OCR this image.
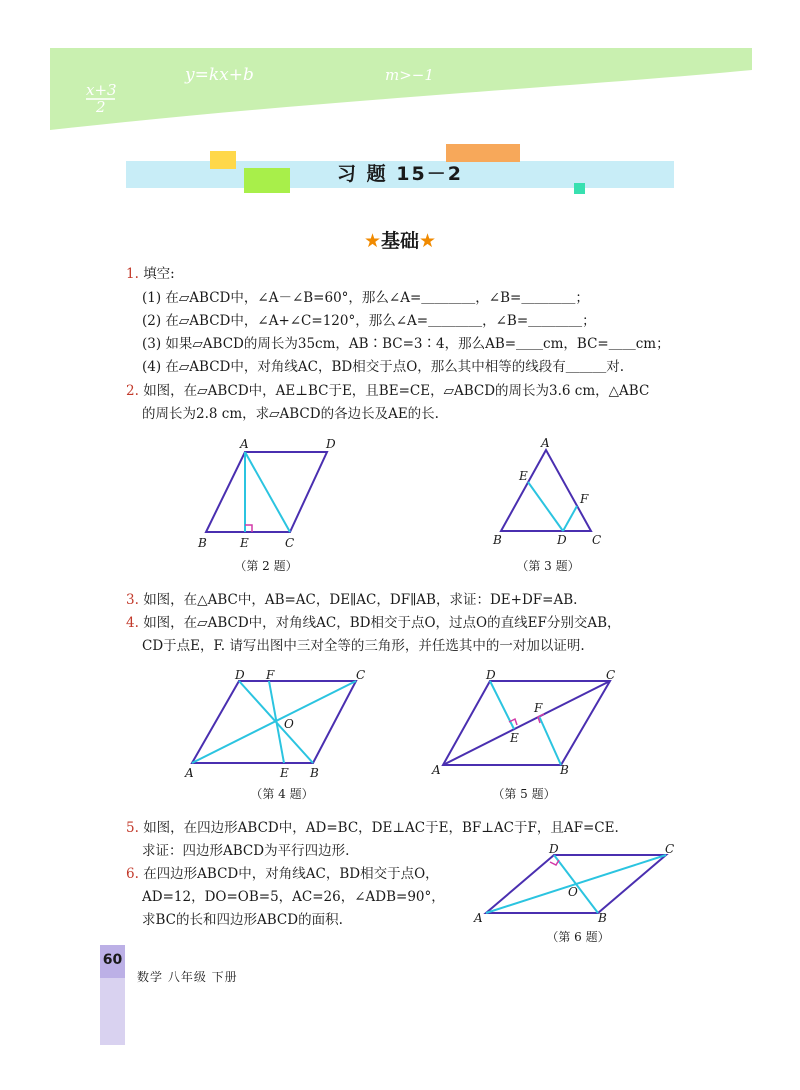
x+3
2
y=kx+b	m>−1
习 题 15－2
★基础★
1. 填空:
(1) 在▱ABCD中，∠A－∠B=60°，那么∠A=＿＿＿＿，∠B=＿＿＿＿；
(2) 在▱ABCD中，∠A+∠C=120°，那么∠A=＿＿＿＿，∠B=＿＿＿＿；
(3) 如果▱ABCD的周长为35cm，AB∶BC=3∶4，那么AB=＿＿cm，BC=＿＿cm；
(4) 在▱ABCD中，对角线AC，BD相交于点O，那么其中相等的线段有＿＿＿对.
2. 如图，在▱ABCD中，AE⊥BC于E，且BE=CE，▱ABCD的周长为3.6 cm，△ABC
的周长为2.8 cm，求▱ABCD的各边长及AE的长.
A	D
B	E	C
（第 2 题）
A
E
F
B	D C
（第 3 题）
3. 如图，在△ABC中，AB=AC，DE∥AC，DF∥AB，求证：DE+DF=AB.
4. 如图，在▱ABCD中，对角线AC，BD相交于点O，过点O的直线EF分别交AB，
CD于点E，F. 请写出图中三对全等的三角形，并任选其中的一对加以证明.
D F	C
O
A	E B
（第 4 题）
D	C
F
E
A	B
（第 5 题）
5. 如图，在四边形ABCD中，AD=BC，DE⊥AC于E，BF⊥AC于F，且AF=CE.
求证：四边形ABCD为平行四边形.
6. 在四边形ABCD中，对角线AC，BD相交于点O，
AD=12，DO=OB=5，AC=26，∠ADB=90°，
求BC的长和四边形ABCD的面积.
D	C
O
A	B
（第 6 题）
60
数学 八年级 下册
